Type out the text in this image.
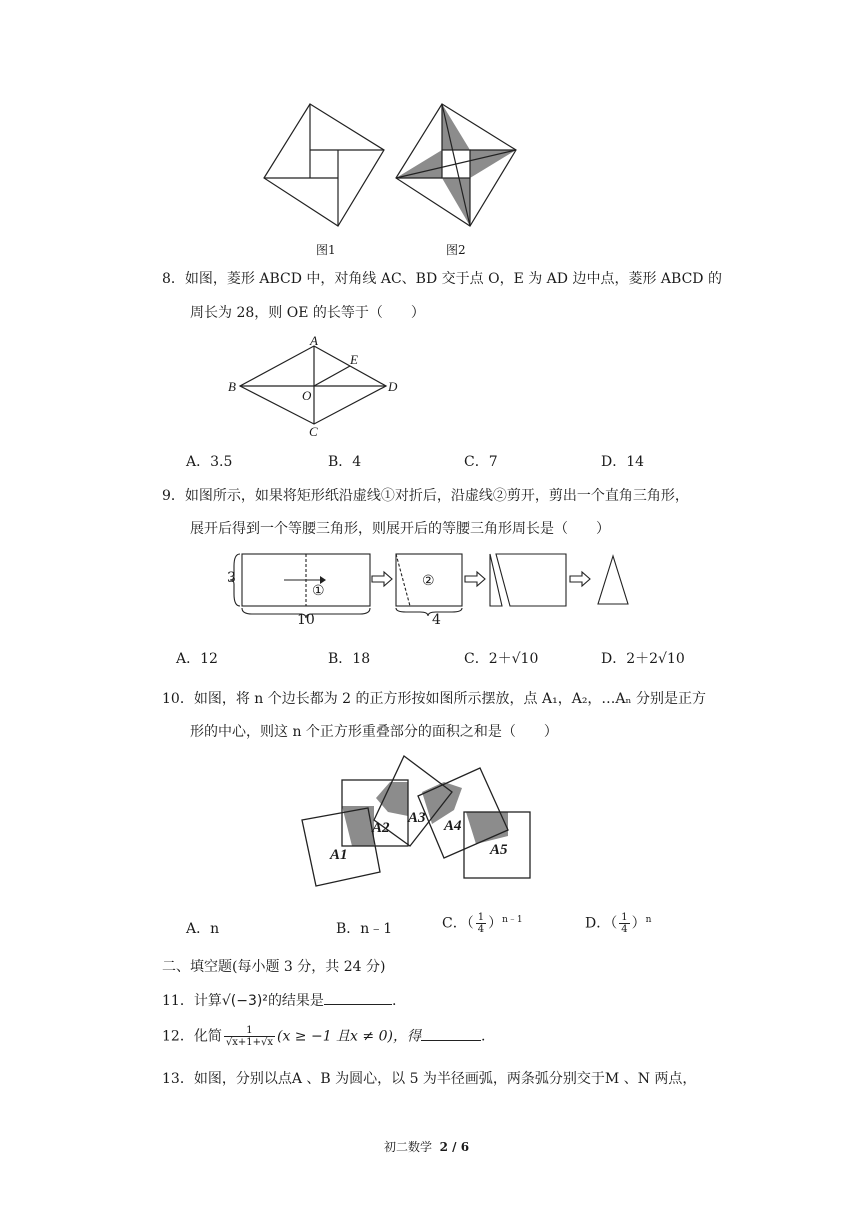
图1	图2
8．如图，菱形 ABCD 中，对角线 AC、BD 交于点 O，E 为 AD 边中点，菱形 ABCD 的
周长为 28，则 OE 的长等于（　　）
A
E
B	D
O
C
A．3.5	B．4	C．7	D．14
9．如图所示，如果将矩形纸沿虚线①对折后，沿虚线②剪开，剪出一个直角三角形，
展开后得到一个等腰三角形，则展开后的等腰三角形周长是（　　）
3
①
②
10	4
A．12	B．18	C．2＋√10	D．2＋2√10
10．如图，将 n 个边长都为 2 的正方形按如图所示摆放，点 A₁，A₂，…Aₙ 分别是正方
形的中心，则这 n 个正方形重叠部分的面积之和是（　　）
A1
A2
A3 A4
A5
A．n	B．n﹣1	C．（ $\frac{1}{4} )^{n﹣1}$	D．（ $\frac{1}{4} )^n$
二、填空题(每小题 3 分，共 24 分)
11．计算√(−3)²的结果是	.
12．化简 $\frac{1}{√x+1+√x} (x \ge -1$ 且x ≠ 0)，得	.
13．如图，分别以点A 、B 为圆心，以 5 为半径画弧，两条弧分别交于M 、N 两点，
初二数学 2 / 6
